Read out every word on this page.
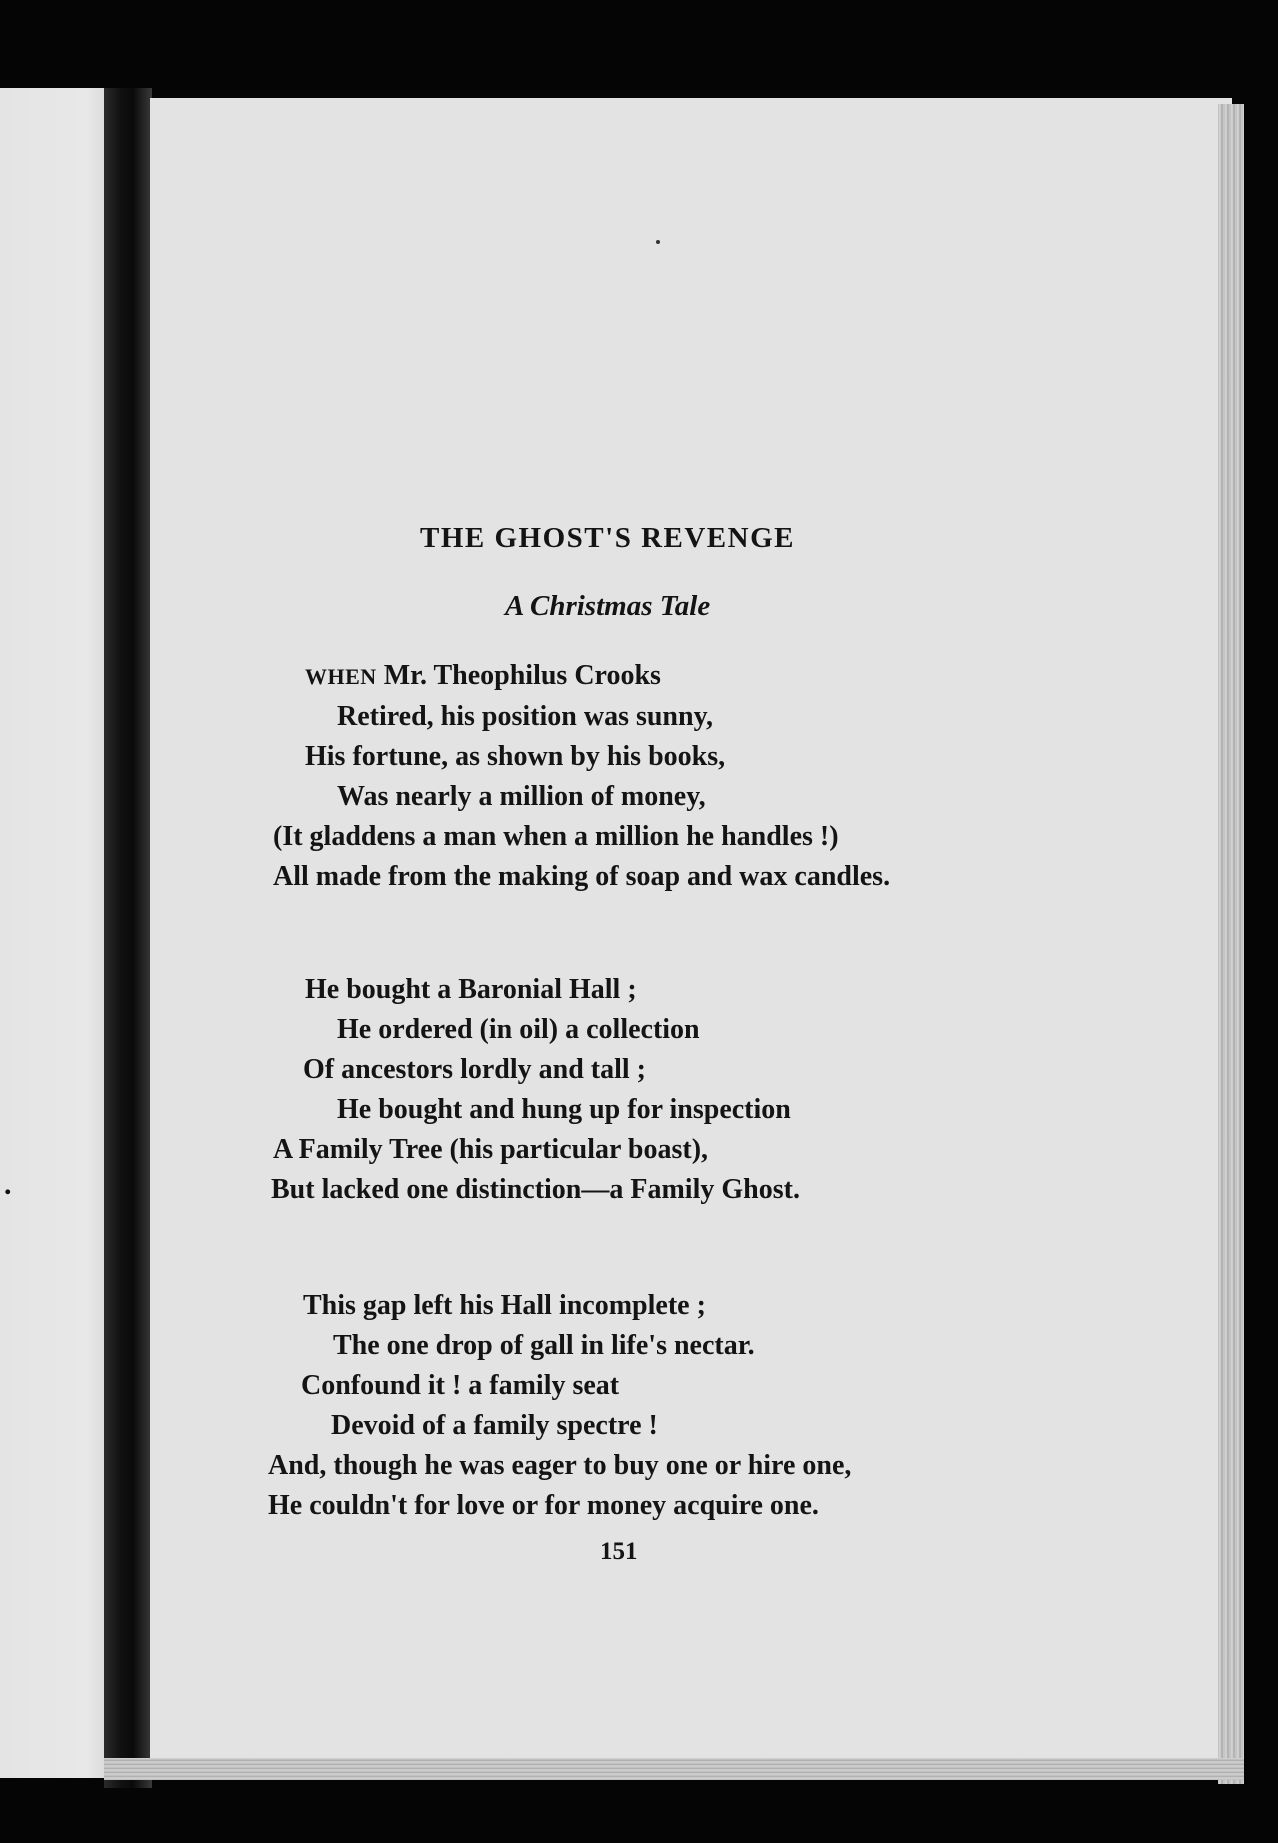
.
THE GHOST'S REVENGE
A Christmas Tale
WHEN Mr. Theophilus Crooks
Retired, his position was sunny,
His fortune, as shown by his books,
Was nearly a million of money,
(It gladdens a man when a million he handles !)
All made from the making of soap and wax candles.
He bought a Baronial Hall ;
He ordered (in oil) a collection
Of ancestors lordly and tall ;
He bought and hung up for inspection
A Family Tree (his particular boast),
But lacked one distinction—a Family Ghost.
This gap left his Hall incomplete ;
The one drop of gall in life's nectar.
Confound it ! a family seat
Devoid of a family spectre !
And, though he was eager to buy one or hire one,
He couldn't for love or for money acquire one.
151
